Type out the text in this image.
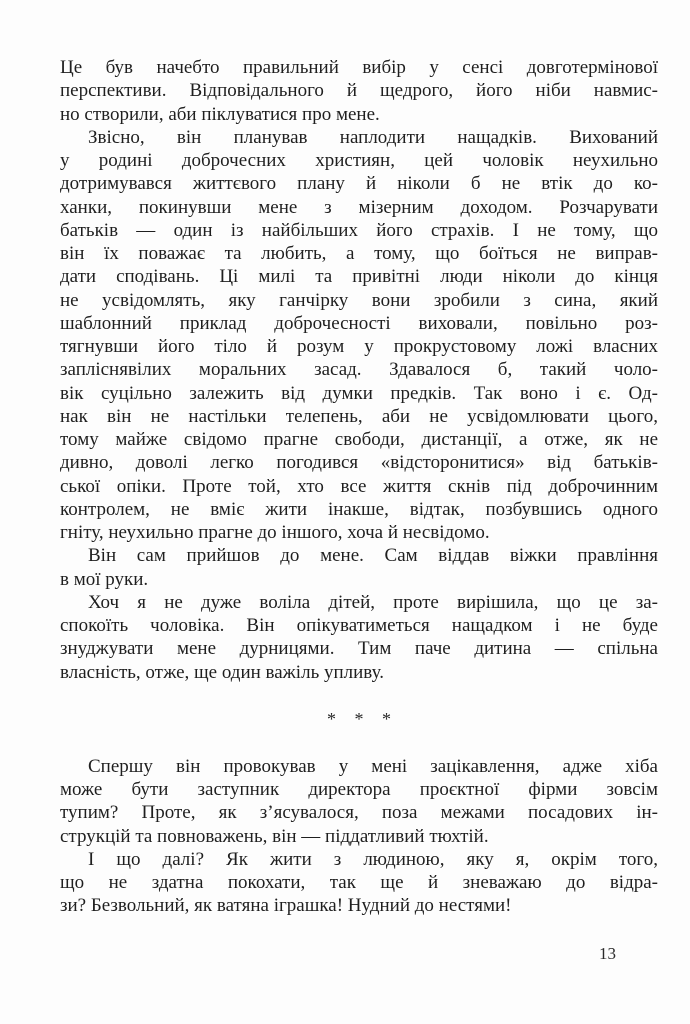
Це був начебто правильний вибір у сенсі довготермінової
перспективи. Відповідального й щедрого, його ніби навмис-
но створили, аби піклуватися про мене.
Звісно, він планував наплодити нащадків. Вихований
у родині доброчесних християн, цей чоловік неухильно
дотримувався життєвого плану й ніколи б не втік до ко-
ханки, покинувши мене з мізерним доходом. Розчарувати
батьків — один із найбільших його страхів. І не тому, що
він їх поважає та любить, а тому, що боїться не виправ-
дати сподівань. Ці милі та привітні люди ніколи до кінця
не усвідомлять, яку ганчірку вони зробили з сина, який
шаблонний приклад доброчесності виховали, повільно роз-
тягнувши його тіло й розум у прокрустовому ложі власних
запліснявілих моральних засад. Здавалося б, такий чоло-
вік суцільно залежить від думки предків. Так воно і є. Од-
нак він не настільки телепень, аби не усвідомлювати цього,
тому майже свідомо прагне свободи, дистанції, а отже, як не
дивно, доволі легко погодився «відсторонитися» від батьків-
ської опіки. Проте той, хто все життя скнів під доброчинним
контролем, не вміє жити інакше, відтак, позбувшись одного
гніту, неухильно прагне до іншого, хоча й несвідомо.
Він сам прийшов до мене. Сам віддав віжки правління
в мої руки.
Хоч я не дуже воліла дітей, проте вирішила, що це за-
спокоїть чоловіка. Він опікуватиметься нащадком і не буде
знуджувати мене дурницями. Тим паче дитина — спільна
власність, отже, ще один важіль упливу.
* * *
Спершу він провокував у мені зацікавлення, адже хіба
може бути заступник директора проєктної фірми зовсім
тупим? Проте, як з’ясувалося, поза межами посадових ін-
струкцій та повноважень, він — піддатливий тюхтій.
І що далі? Як жити з людиною, яку я, окрім того,
що не здатна покохати, так ще й зневажаю до відра-
зи? Безвольний, як ватяна іграшка! Нудний до нестями!
13
